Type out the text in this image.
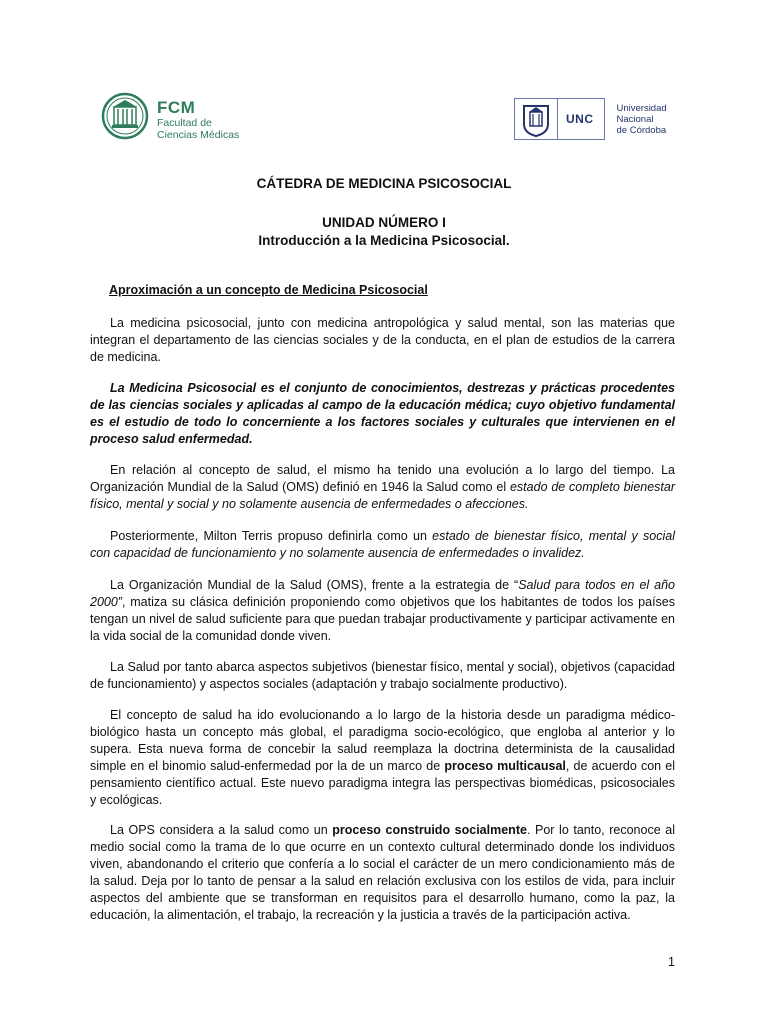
FCM
Facultad de
Ciencias Médicas
UNC
Universidad
Nacional
de Córdoba
CÁTEDRA DE MEDICINA PSICOSOCIAL
UNIDAD NÚMERO I
Introducción a la Medicina Psicosocial.
Aproximación a un concepto de Medicina Psicosocial

La medicina psicosocial, junto con medicina antropológica y salud mental, son las materias que integran el departamento de las ciencias sociales y de la conducta, en el plan de estudios de la carrera de medicina.

La Medicina Psicosocial es el conjunto de conocimientos, destrezas y prácticas procedentes de las ciencias sociales y aplicadas al campo de la educación médica; cuyo objetivo fundamental es el estudio de todo lo concerniente a los factores sociales y culturales que intervienen en el proceso salud enfermedad.

En relación al concepto de salud, el mismo ha tenido una evolución a lo largo del tiempo. La Organización Mundial de la Salud (OMS) definió en 1946 la Salud como el estado de completo bienestar físico, mental y social y no solamente ausencia de enfermedades o afecciones.

Posteriormente, Milton Terris propuso definirla como un estado de bienestar físico, mental y social con capacidad de funcionamiento y no solamente ausencia de enfermedades o invalidez.

La Organización Mundial de la Salud (OMS), frente a la estrategia de “Salud para todos en el año 2000”, matiza su clásica definición proponiendo como objetivos que los habitantes de todos los países tengan un nivel de salud suficiente para que puedan trabajar productivamente y participar activamente en la vida social de la comunidad donde viven.

La Salud por tanto abarca aspectos subjetivos (bienestar físico, mental y social), objetivos (capacidad de funcionamiento) y aspectos sociales (adaptación y trabajo socialmente productivo).

El concepto de salud ha ido evolucionando a lo largo de la historia desde un paradigma médico-biológico hasta un concepto más global, el paradigma socio-ecológico, que engloba al anterior y lo supera. Esta nueva forma de concebir la salud reemplaza la doctrina determinista de la causalidad simple en el binomio salud-enfermedad por la de un marco de proceso multicausal, de acuerdo con el pensamiento científico actual. Este nuevo paradigma integra las perspectivas biomédicas, psicosociales y ecológicas.

La OPS considera a la salud como un proceso construido socialmente. Por lo tanto, reconoce al medio social como la trama de lo que ocurre en un contexto cultural determinado donde los individuos viven, abandonando el criterio que confería a lo social el carácter de un mero condicionamiento más de la salud. Deja por lo tanto de pensar a la salud en relación exclusiva con los estilos de vida, para incluir aspectos del ambiente que se transforman en requisitos para el desarrollo humano, como la paz, la educación, la alimentación, el trabajo, la recreación y la justicia a través de la participación activa.

1
